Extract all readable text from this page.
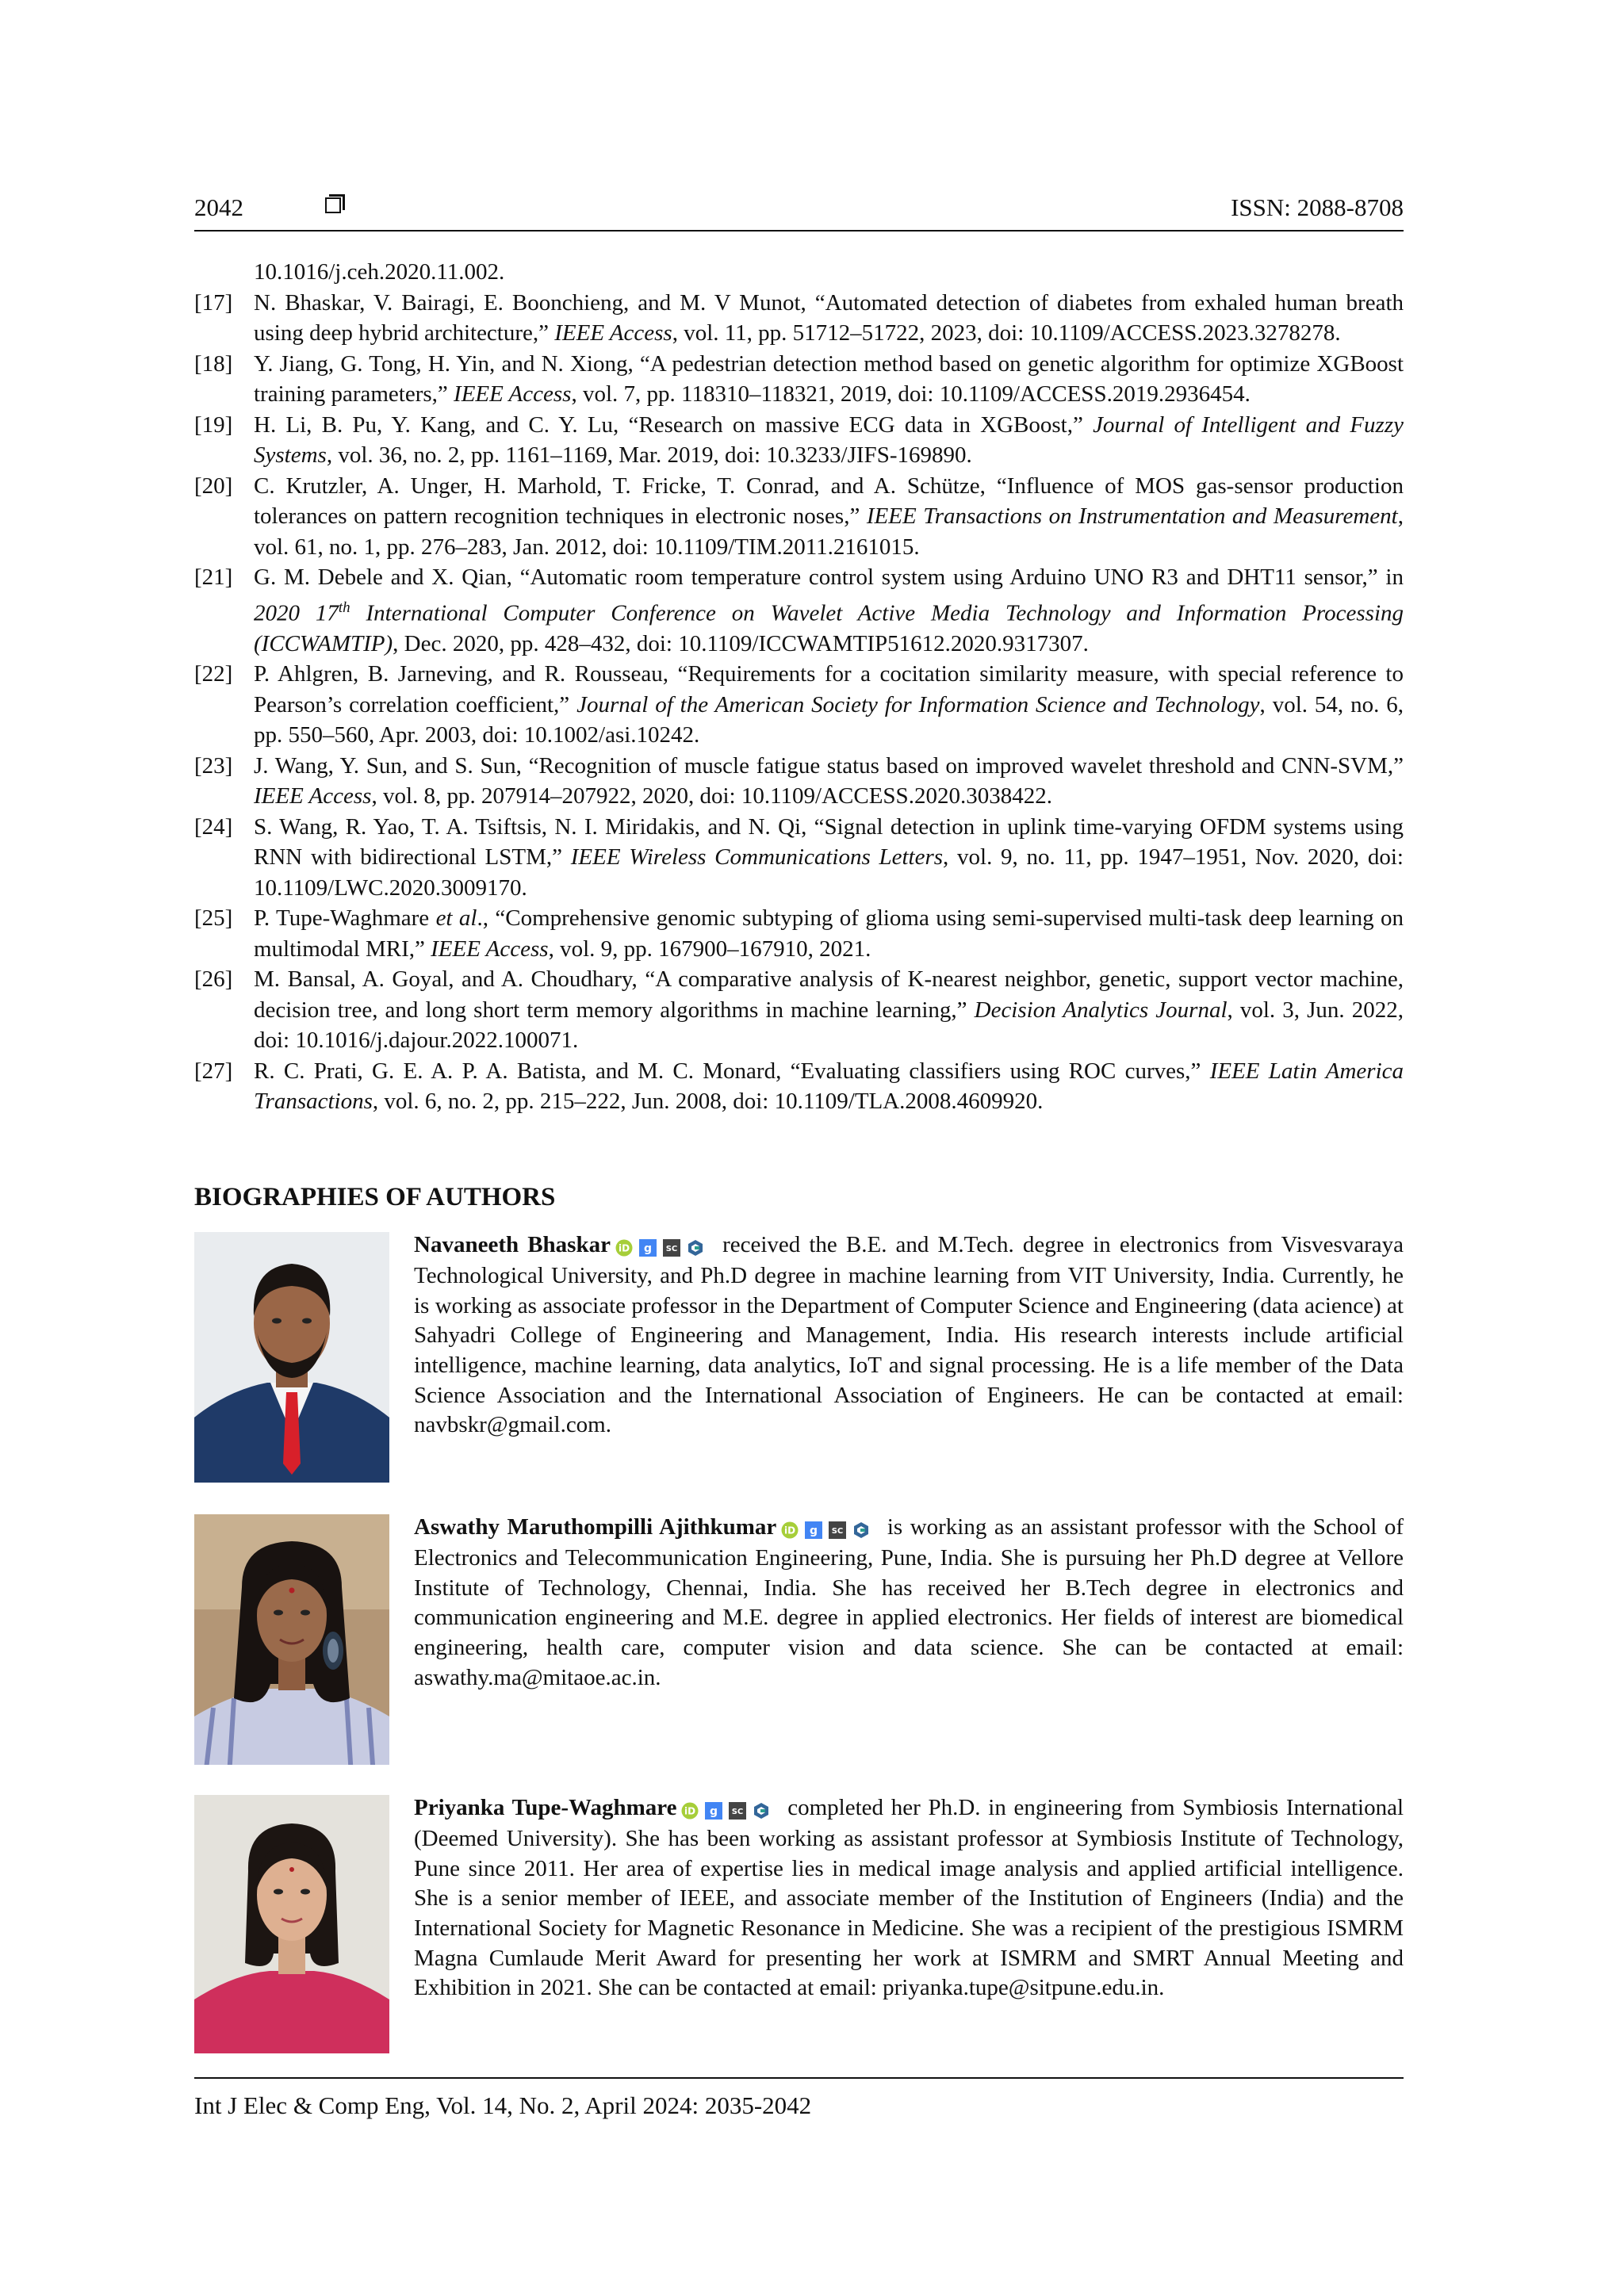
2042	ISSN: 2088-8708
10.1016/j.ceh.2020.11.002.
[17] N. Bhaskar, V. Bairagi, E. Boonchieng, and M. V Munot, “Automated detection of diabetes from exhaled human breath using deep hybrid architecture,” IEEE Access, vol. 11, pp. 51712–51722, 2023, doi: 10.1109/ACCESS.2023.3278278.
[18] Y. Jiang, G. Tong, H. Yin, and N. Xiong, “A pedestrian detection method based on genetic algorithm for optimize XGBoost training parameters,” IEEE Access, vol. 7, pp. 118310–118321, 2019, doi: 10.1109/ACCESS.2019.2936454.
[19] H. Li, B. Pu, Y. Kang, and C. Y. Lu, “Research on massive ECG data in XGBoost,” Journal of Intelligent and Fuzzy Systems, vol. 36, no. 2, pp. 1161–1169, Mar. 2019, doi: 10.3233/JIFS-169890.
[20] C. Krutzler, A. Unger, H. Marhold, T. Fricke, T. Conrad, and A. Schütze, “Influence of MOS gas-sensor production tolerances on pattern recognition techniques in electronic noses,” IEEE Transactions on Instrumentation and Measurement, vol. 61, no. 1, pp. 276–283, Jan. 2012, doi: 10.1109/TIM.2011.2161015.
[21] G. M. Debele and X. Qian, “Automatic room temperature control system using Arduino UNO R3 and DHT11 sensor,” in 2020 17th International Computer Conference on Wavelet Active Media Technology and Information Processing (ICCWAMTIP), Dec. 2020, pp. 428–432, doi: 10.1109/ICCWAMTIP51612.2020.9317307.
[22] P. Ahlgren, B. Jarneving, and R. Rousseau, “Requirements for a cocitation similarity measure, with special reference to Pearson’s correlation coefficient,” Journal of the American Society for Information Science and Technology, vol. 54, no. 6, pp. 550–560, Apr. 2003, doi: 10.1002/asi.10242.
[23] J. Wang, Y. Sun, and S. Sun, “Recognition of muscle fatigue status based on improved wavelet threshold and CNN-SVM,” IEEE Access, vol. 8, pp. 207914–207922, 2020, doi: 10.1109/ACCESS.2020.3038422.
[24] S. Wang, R. Yao, T. A. Tsiftsis, N. I. Miridakis, and N. Qi, “Signal detection in uplink time-varying OFDM systems using RNN with bidirectional LSTM,” IEEE Wireless Communications Letters, vol. 9, no. 11, pp. 1947–1951, Nov. 2020, doi: 10.1109/LWC.2020.3009170.
[25] P. Tupe-Waghmare et al., “Comprehensive genomic subtyping of glioma using semi-supervised multi-task deep learning on multimodal MRI,” IEEE Access, vol. 9, pp. 167900–167910, 2021.
[26] M. Bansal, A. Goyal, and A. Choudhary, “A comparative analysis of K-nearest neighbor, genetic, support vector machine, decision tree, and long short term memory algorithms in machine learning,” Decision Analytics Journal, vol. 3, Jun. 2022, doi: 10.1016/j.dajour.2022.100071.
[27] R. C. Prati, G. E. A. P. A. Batista, and M. C. Monard, “Evaluating classifiers using ROC curves,” IEEE Latin America Transactions, vol. 6, no. 2, pp. 215–222, Jun. 2008, doi: 10.1109/TLA.2008.4609920.
BIOGRAPHIES OF AUTHORS
Navaneeth Bhaskar iD g SC received the B.E. and M.Tech. degree in electronics from Visvesvaraya Technological University, and Ph.D degree in machine learning from VIT University, India. Currently, he is working as associate professor in the Department of Computer Science and Engineering (data acience) at Sahyadri College of Engineering and Management, India. His research interests include artificial intelligence, machine learning, data analytics, IoT and signal processing. He is a life member of the Data Science Association and the International Association of Engineers. He can be contacted at email: navbskr@gmail.com.
Aswathy Maruthompilli Ajithkumar iD g SC is working as an assistant professor with the School of Electronics and Telecommunication Engineering, Pune, India. She is pursuing her Ph.D degree at Vellore Institute of Technology, Chennai, India. She has received her B.Tech degree in electronics and communication engineering and M.E. degree in applied electronics. Her fields of interest are biomedical engineering, health care, computer vision and data science. She can be contacted at email: aswathy.ma@mitaoe.ac.in.
Priyanka Tupe-Waghmare iD g SC completed her Ph.D. in engineering from Symbiosis International (Deemed University). She has been working as assistant professor at Symbiosis Institute of Technology, Pune since 2011. Her area of expertise lies in medical image analysis and applied artificial intelligence. She is a senior member of IEEE, and associate member of the Institution of Engineers (India) and the International Society for Magnetic Resonance in Medicine. She was a recipient of the prestigious ISMRM Magna Cumlaude Merit Award for presenting her work at ISMRM and SMRT Annual Meeting and Exhibition in 2021. She can be contacted at email: priyanka.tupe@sitpune.edu.in.
Int J Elec & Comp Eng, Vol. 14, No. 2, April 2024: 2035-2042
